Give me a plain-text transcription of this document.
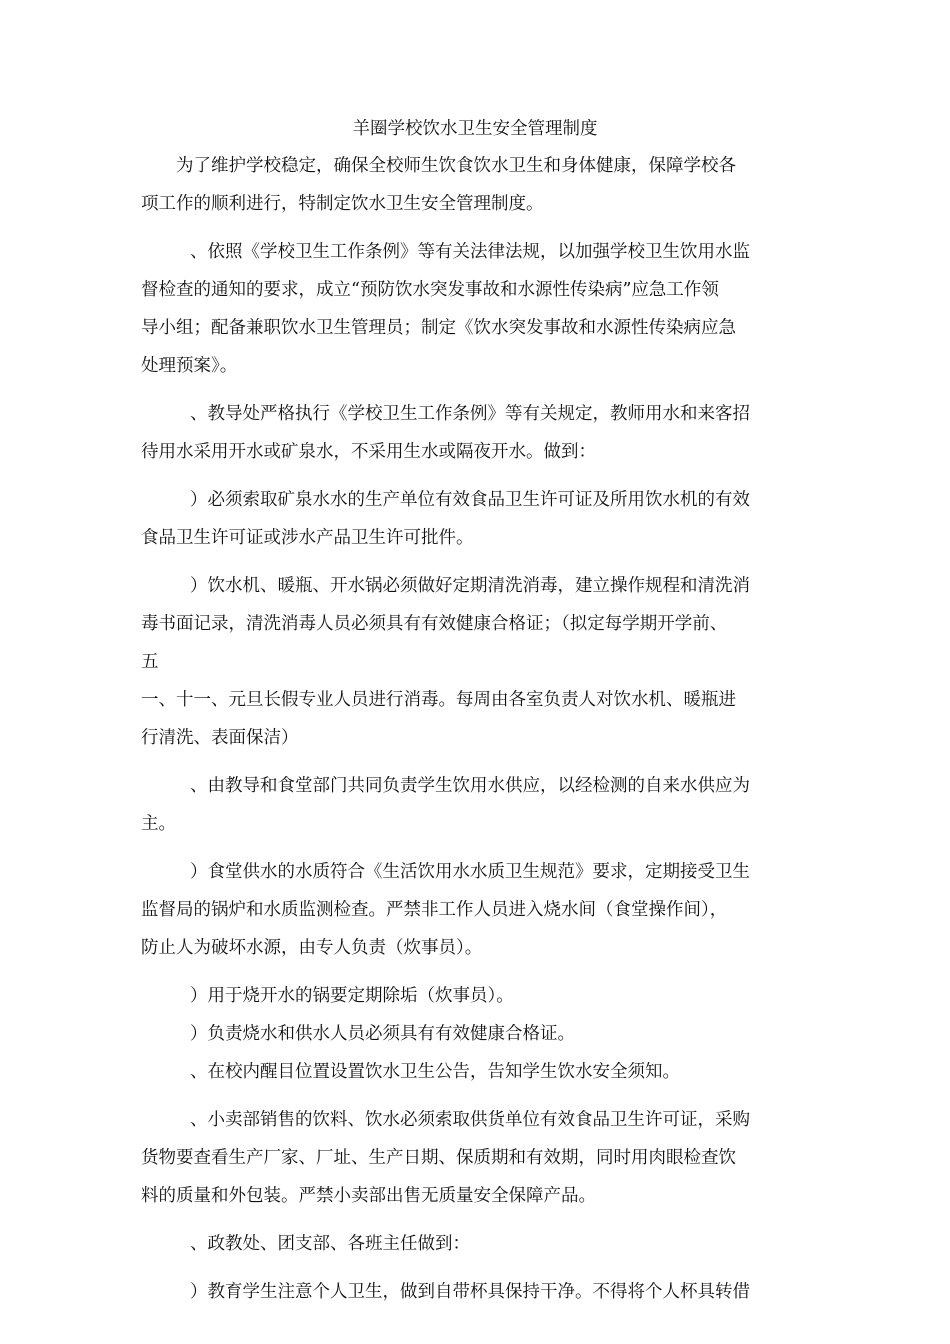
羊圈学校饮水卫生安全管理制度
为了维护学校稳定，确保全校师生饮食饮水卫生和身体健康，保障学校各
项工作的顺利进行，特制定饮水卫生安全管理制度。
、依照《学校卫生工作条例》等有关法律法规，以加强学校卫生饮用水监
督检查的通知的要求，成立“预防饮水突发事故和水源性传染病”应急工作领
导小组；配备兼职饮水卫生管理员；制定《饮水突发事故和水源性传染病应急
处理预案》。
、教导处严格执行《学校卫生工作条例》等有关规定，教师用水和来客招
待用水采用开水或矿泉水，不采用生水或隔夜开水。做到：
）必须索取矿泉水水的生产单位有效食品卫生许可证及所用饮水机的有效
食品卫生许可证或涉水产品卫生许可批件。
）饮水机、暖瓶、开水锅必须做好定期清洗消毒，建立操作规程和清洗消
毒书面记录，清洗消毒人员必须具有有效健康合格证；（拟定每学期开学前、
五
一、十一、元旦长假专业人员进行消毒。每周由各室负责人对饮水机、暖瓶进
行清洗、表面保洁）
、由教导和食堂部门共同负责学生饮用水供应，以经检测的自来水供应为
主。
）食堂供水的水质符合《生活饮用水水质卫生规范》要求，定期接受卫生
监督局的锅炉和水质监测检查。严禁非工作人员进入烧水间（食堂操作间），
防止人为破坏水源，由专人负责（炊事员）。
）用于烧开水的锅要定期除垢（炊事员）。
）负责烧水和供水人员必须具有有效健康合格证。
、在校内醒目位置设置饮水卫生公告，告知学生饮水安全须知。
、小卖部销售的饮料、饮水必须索取供货单位有效食品卫生许可证，采购
货物要查看生产厂家、厂址、生产日期、保质期和有效期，同时用肉眼检查饮
料的质量和外包装。严禁小卖部出售无质量安全保障产品。
、政教处、团支部、各班主任做到：
）教育学生注意个人卫生，做到自带杯具保持干净。不得将个人杯具转借
